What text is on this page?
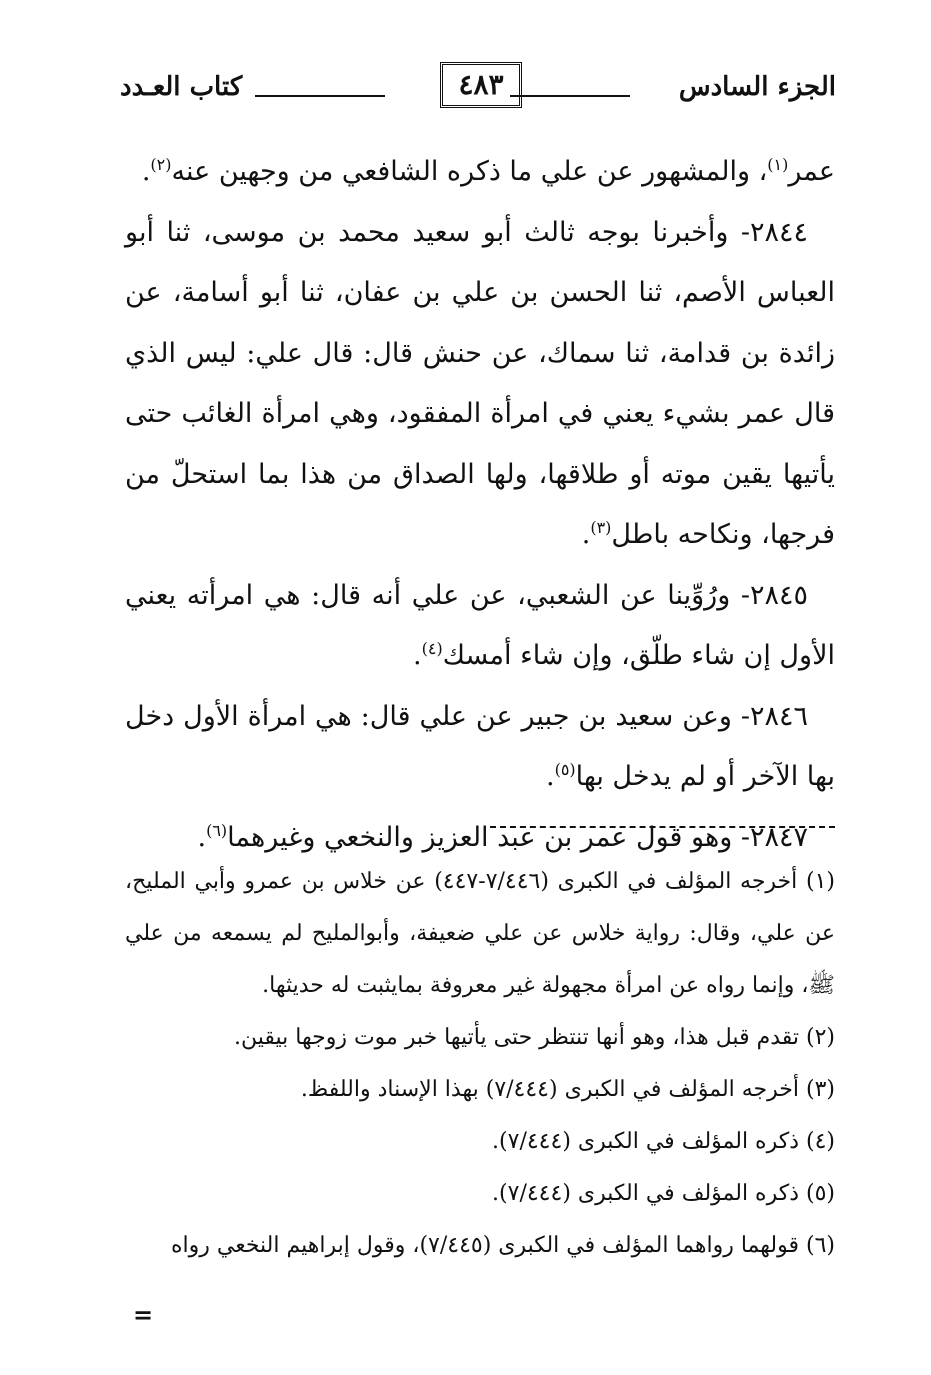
الجزء السادس
٤٨٣
كتاب العـدد

عمر$^{(١)}$، والمشهور عن علي ما ذكره الشافعي من وجهين عنه$^{(٢)}$.

 ٢٨٤٤- وأخبرنا بوجه ثالث أبو سعيد محمد بن موسى، ثنا أبو العباس الأصم، ثنا الحسن بن علي بن عفان، ثنا أبو أسامة، عن زائدة بن قدامة، ثنا سماك، عن حنش قال: قال علي: ليس الذي قال عمر بشيء يعني في امرأة المفقود، وهي امرأة الغائب حتى يأتيها يقين موته أو طلاقها، ولها الصداق من هذا بما استحلّ من فرجها، ونكاحه باطل$^{(٣)}$.

 ٢٨٤٥- ورُوِّينا عن الشعبي، عن علي أنه قال: هي امرأته يعني الأول إن شاء طلّق، وإن شاء أمسك$^{(٤)}$.

 ٢٨٤٦- وعن سعيد بن جبير عن علي قال: هي امرأة الأول دخل بها الآخر أو لم يدخل بها$^{(٥)}$.

 ٢٨٤٧- وهو قول عمر بن عبد العزيز والنخعي وغيرهما$^{(٦)}$.

(١) أخرجه المؤلف في الكبرى (٧/٤٤٦-٤٤٧) عن خلاس بن عمرو وأبي المليح، عن علي، وقال: رواية خلاس عن علي ضعيفة، وأبوالمليح لم يسمعه من علي ﷺ، وإنما رواه عن امرأة مجهولة غير معروفة بمايثبت له حديثها.

(٢) تقدم قبل هذا، وهو أنها تنتظر حتى يأتيها خبر موت زوجها بيقين.

(٣) أخرجه المؤلف في الكبرى (٧/٤٤٤) بهذا الإسناد واللفظ.

(٤) ذكره المؤلف في الكبرى (٧/٤٤٤).

(٥) ذكره المؤلف في الكبرى (٧/٤٤٤).

(٦) قولهما رواهما المؤلف في الكبرى (٧/٤٤٥)، وقول إبراهيم النخعي رواه

=
